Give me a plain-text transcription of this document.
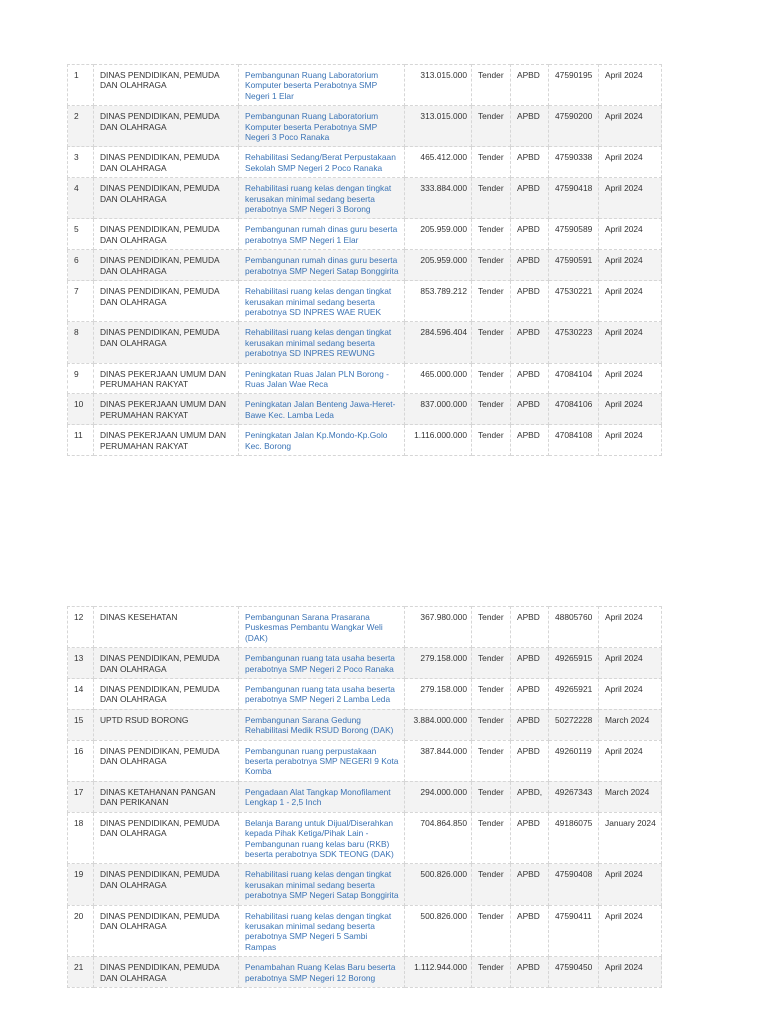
1	DINAS PENDIDIKAN, PEMUDA DAN OLAHRAGA	Pembangunan Ruang Laboratorium Komputer beserta Perabotnya SMP Negeri 1 Elar	313.015.000	Tender	APBD	47590195	April 2024
2	DINAS PENDIDIKAN, PEMUDA DAN OLAHRAGA	Pembangunan Ruang Laboratorium Komputer beserta Perabotnya SMP Negeri 3 Poco Ranaka	313.015.000	Tender	APBD	47590200	April 2024
3	DINAS PENDIDIKAN, PEMUDA DAN OLAHRAGA	Rehabilitasi Sedang/Berat Perpustakaan Sekolah SMP Negeri 2 Poco Ranaka	465.412.000	Tender	APBD	47590338	April 2024
4	DINAS PENDIDIKAN, PEMUDA DAN OLAHRAGA	Rehabilitasi ruang kelas dengan tingkat kerusakan minimal sedang beserta perabotnya SMP Negeri 3 Borong	333.884.000	Tender	APBD	47590418	April 2024
5	DINAS PENDIDIKAN, PEMUDA DAN OLAHRAGA	Pembangunan rumah dinas guru beserta perabotnya SMP Negeri 1 Elar	205.959.000	Tender	APBD	47590589	April 2024
6	DINAS PENDIDIKAN, PEMUDA DAN OLAHRAGA	Pembangunan rumah dinas guru beserta perabotnya SMP Negeri Satap Bonggirita	205.959.000	Tender	APBD	47590591	April 2024
7	DINAS PENDIDIKAN, PEMUDA DAN OLAHRAGA	Rehabilitasi ruang kelas dengan tingkat kerusakan minimal sedang beserta perabotnya SD INPRES WAE RUEK	853.789.212	Tender	APBD	47530221	April 2024
8	DINAS PENDIDIKAN, PEMUDA DAN OLAHRAGA	Rehabilitasi ruang kelas dengan tingkat kerusakan minimal sedang beserta perabotnya SD INPRES REWUNG	284.596.404	Tender	APBD	47530223	April 2024
9	DINAS PEKERJAAN UMUM DAN PERUMAHAN RAKYAT	Peningkatan Ruas Jalan PLN Borong - Ruas Jalan Wae Reca	465.000.000	Tender	APBD	47084104	April 2024
10	DINAS PEKERJAAN UMUM DAN PERUMAHAN RAKYAT	Peningkatan Jalan Benteng Jawa-Heret-Bawe Kec. Lamba Leda	837.000.000	Tender	APBD	47084106	April 2024
11	DINAS PEKERJAAN UMUM DAN PERUMAHAN RAKYAT	Peningkatan Jalan Kp.Mondo-Kp.Golo Kec. Borong	1.116.000.000	Tender	APBD	47084108	April 2024
12	DINAS KESEHATAN	Pembangunan Sarana Prasarana Puskesmas Pembantu Wangkar Weli (DAK)	367.980.000	Tender	APBD	48805760	April 2024
13	DINAS PENDIDIKAN, PEMUDA DAN OLAHRAGA	Pembangunan ruang tata usaha beserta perabotnya SMP Negeri 2 Poco Ranaka	279.158.000	Tender	APBD	49265915	April 2024
14	DINAS PENDIDIKAN, PEMUDA DAN OLAHRAGA	Pembangunan ruang tata usaha beserta perabotnya SMP Negeri 2 Lamba Leda	279.158.000	Tender	APBD	49265921	April 2024
15	UPTD RSUD BORONG	Pembangunan Sarana Gedung Rehabilitasi Medik RSUD Borong (DAK)	3.884.000.000	Tender	APBD	50272228	March 2024
16	DINAS PENDIDIKAN, PEMUDA DAN OLAHRAGA	Pembangunan ruang perpustakaan beserta perabotnya SMP NEGERI 9 Kota Komba	387.844.000	Tender	APBD	49260119	April 2024
17	DINAS KETAHANAN PANGAN DAN PERIKANAN	Pengadaan Alat Tangkap Monofilament Lengkap 1 - 2,5 Inch	294.000.000	Tender	APBD,	49267343	March 2024
18	DINAS PENDIDIKAN, PEMUDA DAN OLAHRAGA	Belanja Barang untuk Dijual/Diserahkan kepada Pihak Ketiga/Pihak Lain - Pembangunan ruang kelas baru (RKB) beserta perabotnya SDK TEONG (DAK)	704.864.850	Tender	APBD	49186075	January 2024
19	DINAS PENDIDIKAN, PEMUDA DAN OLAHRAGA	Rehabilitasi ruang kelas dengan tingkat kerusakan minimal sedang beserta perabotnya SMP Negeri Satap Bonggirita	500.826.000	Tender	APBD	47590408	April 2024
20	DINAS PENDIDIKAN, PEMUDA DAN OLAHRAGA	Rehabilitasi ruang kelas dengan tingkat kerusakan minimal sedang beserta perabotnya SMP Negeri 5 Sambi Rampas	500.826.000	Tender	APBD	47590411	April 2024
21	DINAS PENDIDIKAN, PEMUDA DAN OLAHRAGA	Penambahan Ruang Kelas Baru beserta perabotnya SMP Negeri 12 Borong	1.112.944.000	Tender	APBD	47590450	April 2024
